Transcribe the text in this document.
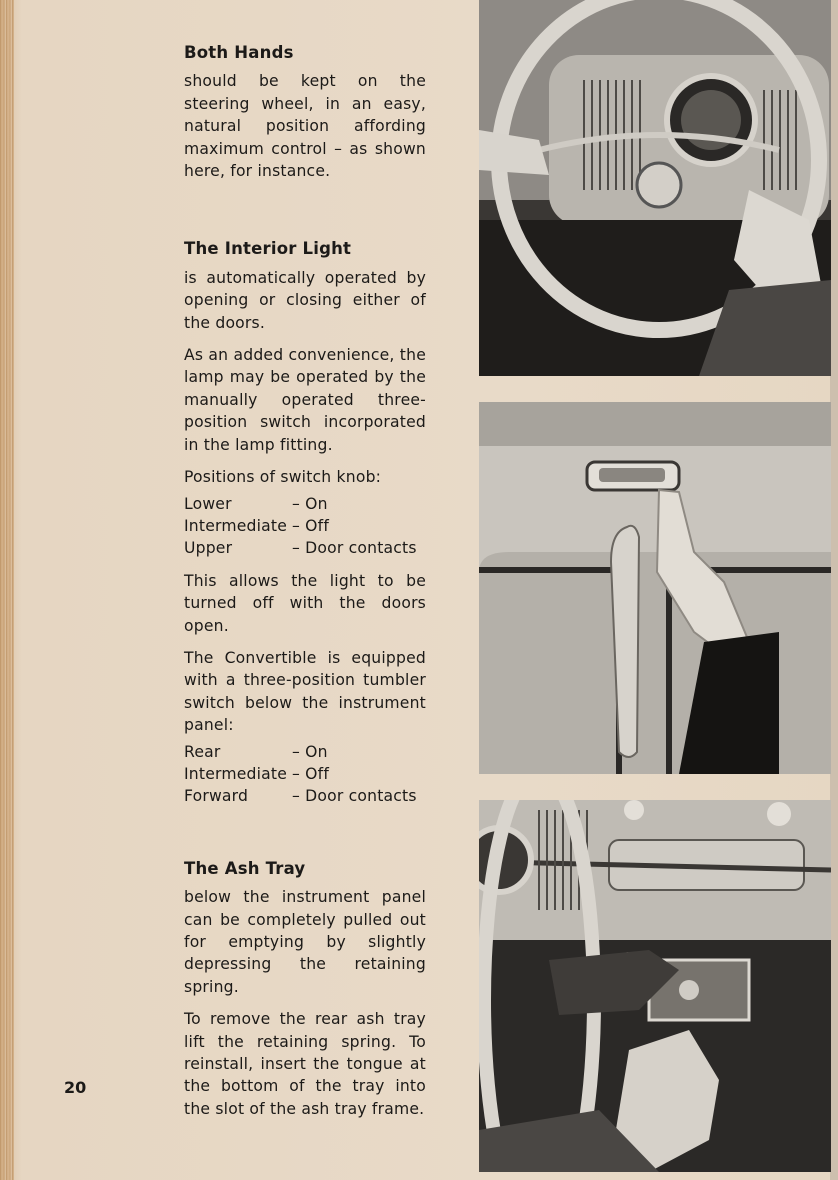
Both Hands
should be kept on the steering wheel, in an easy, natural position affording maximum control – as shown here, for instance.
The Interior Light
is automatically operated by opening or closing either of the doors.
As an added convenience, the lamp may be operated by the manually operated three-position switch incorporated in the lamp fitting.
Positions of switch knob:
Lower	– On
Intermediate – Off
Upper	– Door contacts
This allows the light to be turned off with the doors open.
The Convertible is equipped with a three-position tumbler switch below the instrument panel:
Rear	– On
Intermediate – Off
Forward	– Door contacts
The Ash Tray
below the instrument panel can be completely pulled out for emptying by slightly depressing the retaining spring.
To remove the rear ash tray lift the retaining spring. To reinstall, insert the tongue at the bottom of the tray into the slot of the ash tray frame.
20
